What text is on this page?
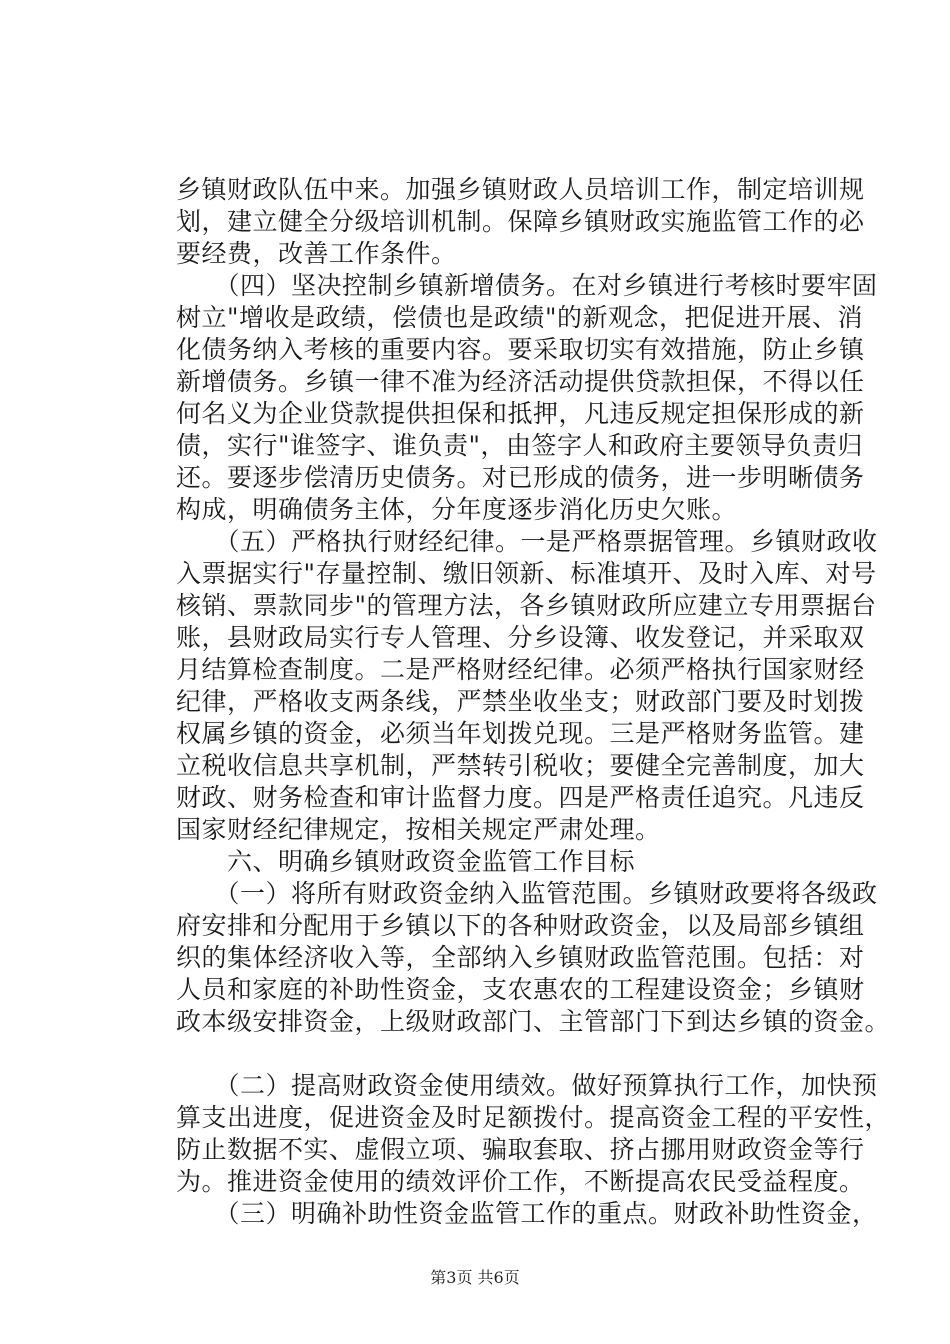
乡镇财政队伍中来。加强乡镇财政人员培训工作，制定培训规
划，建立健全分级培训机制。保障乡镇财政实施监管工作的必
要经费，改善工作条件。
　　（四）坚决控制乡镇新增债务。在对乡镇进行考核时要牢固
树立"增收是政绩，偿债也是政绩"的新观念，把促进开展、消
化债务纳入考核的重要内容。要采取切实有效措施，防止乡镇
新增债务。乡镇一律不准为经济活动提供贷款担保，不得以任
何名义为企业贷款提供担保和抵押，凡违反规定担保形成的新
债，实行"谁签字、谁负责"，由签字人和政府主要领导负责归
还。要逐步偿清历史债务。对已形成的债务，进一步明晰债务
构成，明确债务主体，分年度逐步消化历史欠账。
　　（五）严格执行财经纪律。一是严格票据管理。乡镇财政收
入票据实行"存量控制、缴旧领新、标准填开、及时入库、对号
核销、票款同步"的管理方法，各乡镇财政所应建立专用票据台
账，县财政局实行专人管理、分乡设簿、收发登记，并采取双
月结算检查制度。二是严格财经纪律。必须严格执行国家财经
纪律，严格收支两条线，严禁坐收坐支；财政部门要及时划拨
权属乡镇的资金，必须当年划拨兑现。三是严格财务监管。建
立税收信息共享机制，严禁转引税收；要健全完善制度，加大
财政、财务检查和审计监督力度。四是严格责任追究。凡违反
国家财经纪律规定，按相关规定严肃处理。
　　六、明确乡镇财政资金监管工作目标
　　（一）将所有财政资金纳入监管范围。乡镇财政要将各级政
府安排和分配用于乡镇以下的各种财政资金，以及局部乡镇组
织的集体经济收入等，全部纳入乡镇财政监管范围。包括：对
人员和家庭的补助性资金，支农惠农的工程建设资金；乡镇财
政本级安排资金，上级财政部门、主管部门下到达乡镇的资金。
　　（二）提高财政资金使用绩效。做好预算执行工作，加快预
算支出进度，促进资金及时足额拨付。提高资金工程的平安性，
防止数据不实、虚假立项、骗取套取、挤占挪用财政资金等行
为。推进资金使用的绩效评价工作，不断提高农民受益程度。
　　（三）明确补助性资金监管工作的重点。财政补助性资金，
第3页 共6页
